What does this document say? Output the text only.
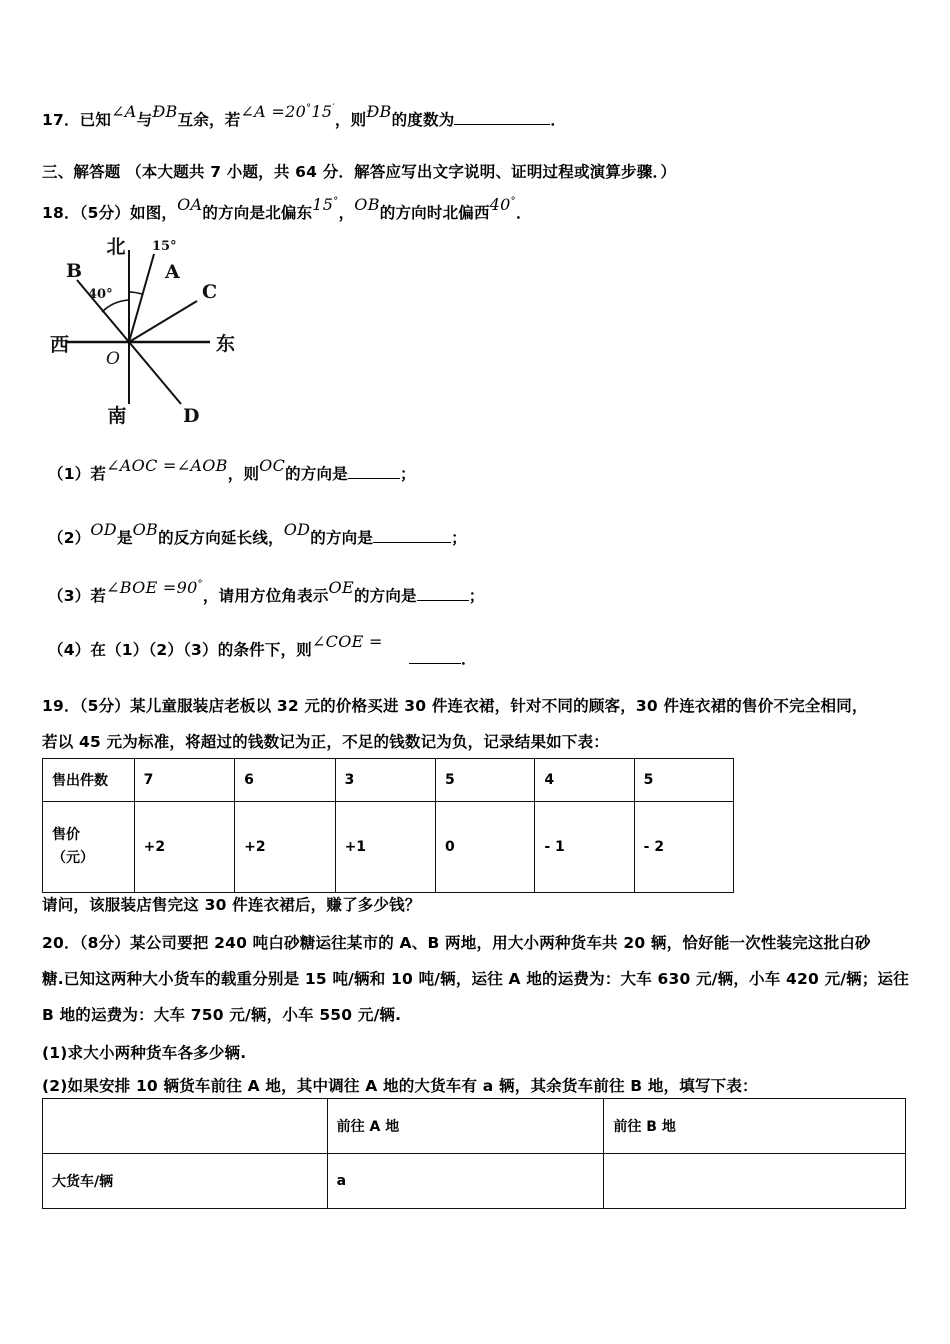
17．已知∠A与ÐB互余，若∠A =20°15′，则ÐB的度数为	．
三、解答题 （本大题共 7 小题，共 64 分．解答应写出文字说明、证明过程或演算步骤．）
18．（5分）如图，OA的方向是北偏东15°，OB的方向时北偏西40°．
北 15°
A
B
40°	C
西	东
O
南	D
（1）若∠AOC =∠AOB，则OC的方向是	；
（2）OD是OB的反方向延长线，OD的方向是	；
（3）若∠BOE =90°，请用方位角表示OE的方向是	；
（4）在（1）（2）（3）的条件下，则∠COE =
．
19．（5分）某儿童服装店老板以 32 元的价格买进 30 件连衣裙，针对不同的顾客，30 件连衣裙的售价不完全相同，
若以 45 元为标准，将超过的钱数记为正，不足的钱数记为负，记录结果如下表：
售出件数	7	6	3	5	4	5

售价
（元）	+2	+2	+1	0	- 1	- 2
请问，该服装店售完这 30 件连衣裙后，赚了多少钱？
20．（8分）某公司要把 240 吨白砂糖运往某市的 A、B 两地，用大小两种货车共 20 辆，恰好能一次性装完这批白砂
糖.已知这两种大小货车的载重分别是 15 吨/辆和 10 吨/辆，运往 A 地的运费为：大车 630 元/辆，小车 420 元/辆；运往
B 地的运费为：大车 750 元/辆，小车 550 元/辆.
(1)求大小两种货车各多少辆.
(2)如果安排 10 辆货车前往 A 地，其中调往 A 地的大货车有 a 辆，其余货车前往 B 地，填写下表：
	前往 A 地	前往 B 地
大货车/辆	a	
